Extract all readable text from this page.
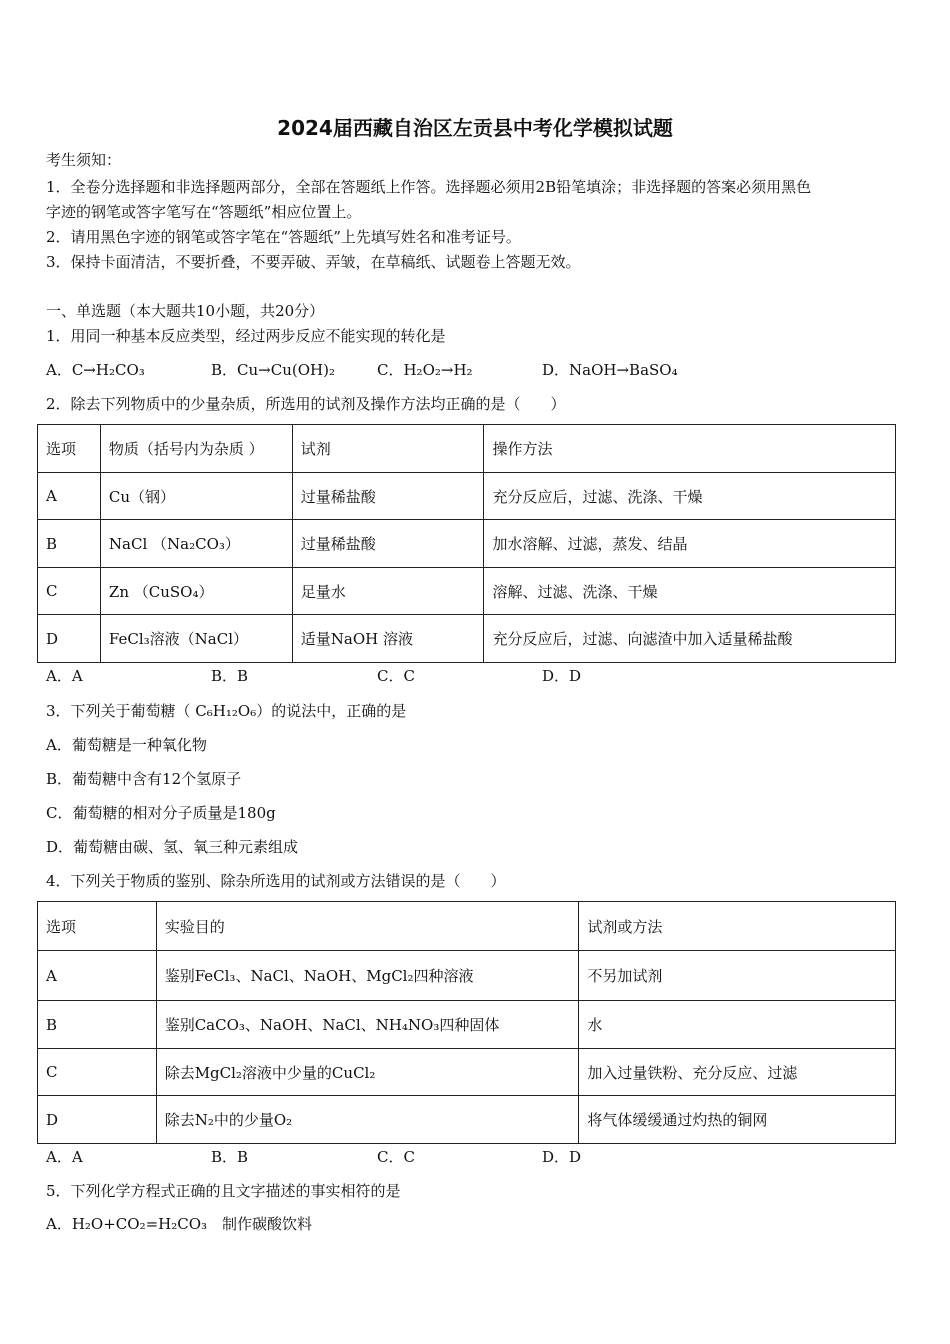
2024届西藏自治区左贡县中考化学模拟试题
考生须知：
1．全卷分选择题和非选择题两部分，全部在答题纸上作答。选择题必须用2B铅笔填涂；非选择题的答案必须用黑色
字迹的钢笔或答字笔写在“答题纸”相应位置上。
2．请用黑色字迹的钢笔或答字笔在“答题纸”上先填写姓名和准考证号。
3．保持卡面清洁，不要折叠，不要弄破、弄皱，在草稿纸、试题卷上答题无效。
一、单选题（本大题共10小题，共20分）
1．用同一种基本反应类型，经过两步反应不能实现的转化是
A．C→H₂CO₃	B．Cu→Cu(OH)₂	C．H₂O₂→H₂	D．NaOH→BaSO₄
2．除去下列物质中的少量杂质，所选用的试剂及操作方法均正确的是（　　）
选项	物质（括号内为杂质 ）	试剂	操作方法
A	Cu（钢）	过量稀盐酸	充分反应后，过滤、洗涤、干燥
B	NaCl （Na₂CO₃）	过量稀盐酸	加水溶解、过滤，蒸发、结晶
C	Zn （CuSO₄）	足量水	溶解、过滤、洗涤、干燥
D	FeCl₃溶液（NaCl）	适量NaOH 溶液	充分反应后，过滤、向滤渣中加入适量稀盐酸
A．A	B．B	C．C	D．D
3．下列关于葡萄糖（ C₆H₁₂O₆）的说法中，正确的是
A．葡萄糖是一种氧化物
B．葡萄糖中含有12个氢原子
C．葡萄糖的相对分子质量是180g
D．葡萄糖由碳、氢、氧三种元素组成
4．下列关于物质的鉴别、除杂所选用的试剂或方法错误的是（　　）
选项	实验目的	试剂或方法
A	鉴别FeCl₃、NaCl、NaOH、MgCl₂四种溶液	不另加试剂
B	鉴别CaCO₃、NaOH、NaCl、NH₄NO₃四种固体	水
C	除去MgCl₂溶液中少量的CuCl₂	加入过量铁粉、充分反应、过滤
D	除去N₂中的少量O₂	将气体缓缓通过灼热的铜网
A．A	B．B	C．C	D．D
5．下列化学方程式正确的且文字描述的事实相符的是
A．H₂O+CO₂=H₂CO₃　制作碳酸饮料
